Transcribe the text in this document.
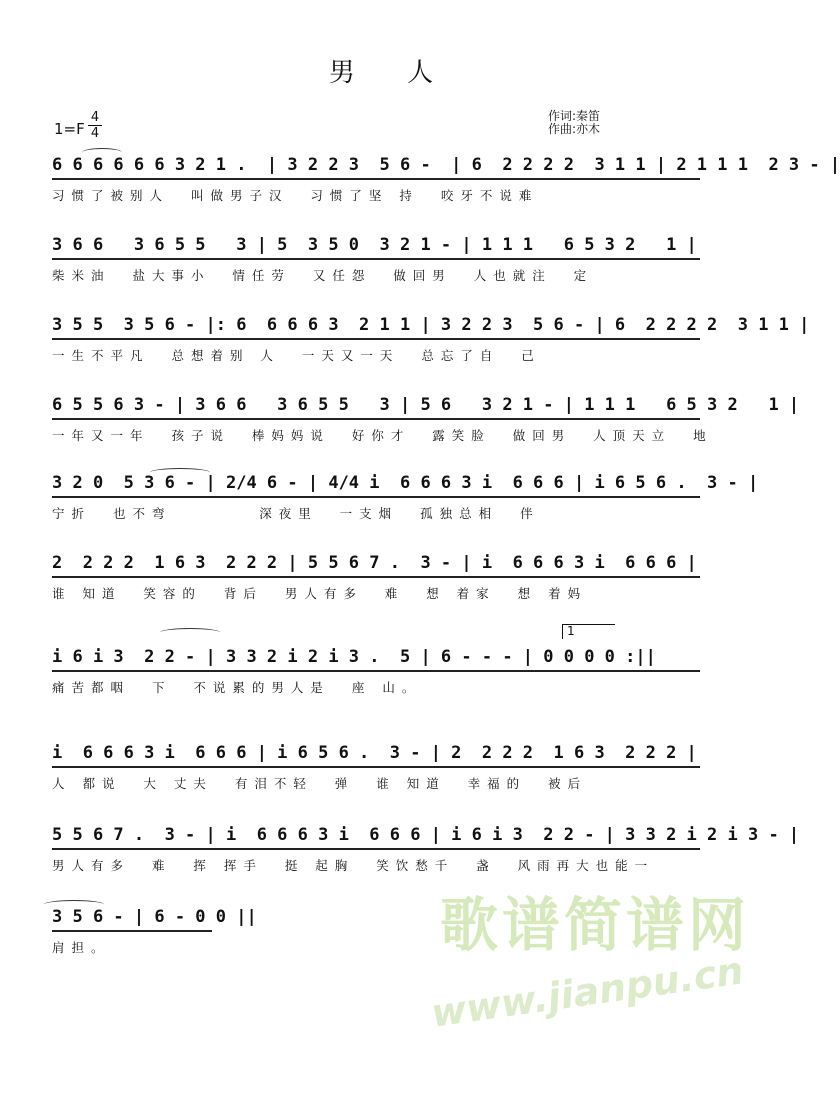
男 人
1=F
4
4
作词:秦笛
作曲:亦木
6 6 6 6 6 6 3 2 1 .  | 3 2 2 3  5 6 -  | 6  2 2 2 2  3 1 1 | 2 1 1 1  2 3 - |
习惯了被别人  叫做男子汉  习惯了坚 持  咬牙不说难
3 6 6   3 6 5 5   3 | 5  3 5 0  3 2 1 - | 1 1 1   6 5 3 2   1 |
柴米油  盐大事小  情任劳  又任怨  做回男  人也就注  定
3 5 5  3 5 6 - |: 6  6 6 6 3  2 1 1 | 3 2 2 3  5 6 - | 6  2 2 2 2  3 1 1 |
一生不平凡  总想着别 人  一天又一天  总忘了自  己
6 5 5 6 3 - | 3 6 6   3 6 5 5   3 | 5 6   3 2 1 - | 1 1 1   6 5 3 2   1 |
一年又一年  孩子说  棒妈妈说  好你才  露笑脸  做回男  人顶天立  地
3 2 0  5 3 6 - | 2/4 6 - | 4/4 i  6 6 6 3 i  6 6 6 | i 6 5 6 .  3 - |
宁折  也不弯        深夜里  一支烟  孤独总相  伴
2  2 2 2  1 6 3  2 2 2 | 5 5 6 7 .  3 - | i  6 6 6 3 i  6 6 6 |
谁 知道  笑容的  背后  男人有多  难  想 着家  想 着妈
1
i 6 i 3  2 2 - | 3 3 2 i 2 i 3 .  5 | 6 - - - | 0 0 0 0 :||
痛苦都咽  下  不说累的男人是  座 山。
i  6 6 6 3 i  6 6 6 | i 6 5 6 .  3 - | 2  2 2 2  1 6 3  2 2 2 |
人 都说  大 丈夫  有泪不轻  弹  谁 知道  幸福的  被后
5 5 6 7 .  3 - | i  6 6 6 3 i  6 6 6 | i 6 i 3  2 2 - | 3 3 2 i 2 i 3 - |
男人有多  难  挥 挥手  挺 起胸  笑饮愁千  盏  风雨再大也能一
3 5 6 - | 6 - 0 0 ||
肩担。	歌谱简谱网
www.jianpu.cn
